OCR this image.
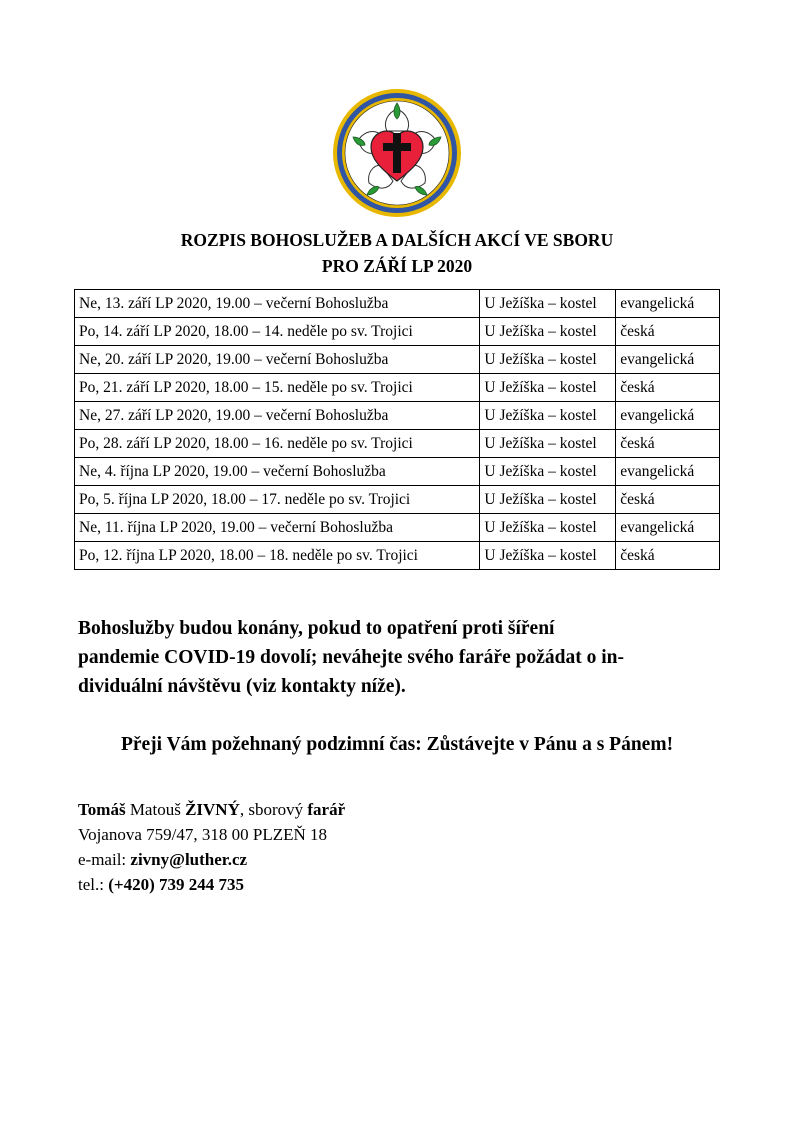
ROZPIS BOHOSLUŽEB A DALŠÍCH AKCÍ VE SBORU
PRO ZÁŘÍ LP 2020
Ne, 13. září LP 2020, 19.00 – večerní Bohoslužba	U Ježíška – kostel	evangelická
Po, 14. září LP 2020, 18.00 – 14. neděle po sv. Trojici	U Ježíška – kostel	česká
Ne, 20. září LP 2020, 19.00 – večerní Bohoslužba	U Ježíška – kostel	evangelická
Po, 21. září LP 2020, 18.00 – 15. neděle po sv. Trojici	U Ježíška – kostel	česká
Ne, 27. září LP 2020, 19.00 – večerní Bohoslužba	U Ježíška – kostel	evangelická
Po, 28. září LP 2020, 18.00 – 16. neděle po sv. Trojici	U Ježíška – kostel	česká
Ne, 4. října LP 2020, 19.00 – večerní Bohoslužba	U Ježíška – kostel	evangelická
Po, 5. října LP 2020, 18.00 – 17. neděle po sv. Trojici	U Ježíška – kostel	česká
Ne, 11. října LP 2020, 19.00 – večerní Bohoslužba	U Ježíška – kostel	evangelická
Po, 12. října LP 2020, 18.00 – 18. neděle po sv. Trojici	U Ježíška – kostel	česká
Bohoslužby budou konány, pokud to opatření proti šíření
pandemie COVID-19 dovolí; neváhejte svého faráře požádat o in-
dividuální návštěvu (viz kontakty níže).

Přeji Vám požehnaný podzimní čas: Zůstávejte v Pánu a s Pánem!

Tomáš Matouš ŽIVNÝ, sborový farář
Vojanova 759/47, 318 00 PLZEŇ 18
e-mail: zivny@luther.cz
tel.: (+420) 739 244 735
